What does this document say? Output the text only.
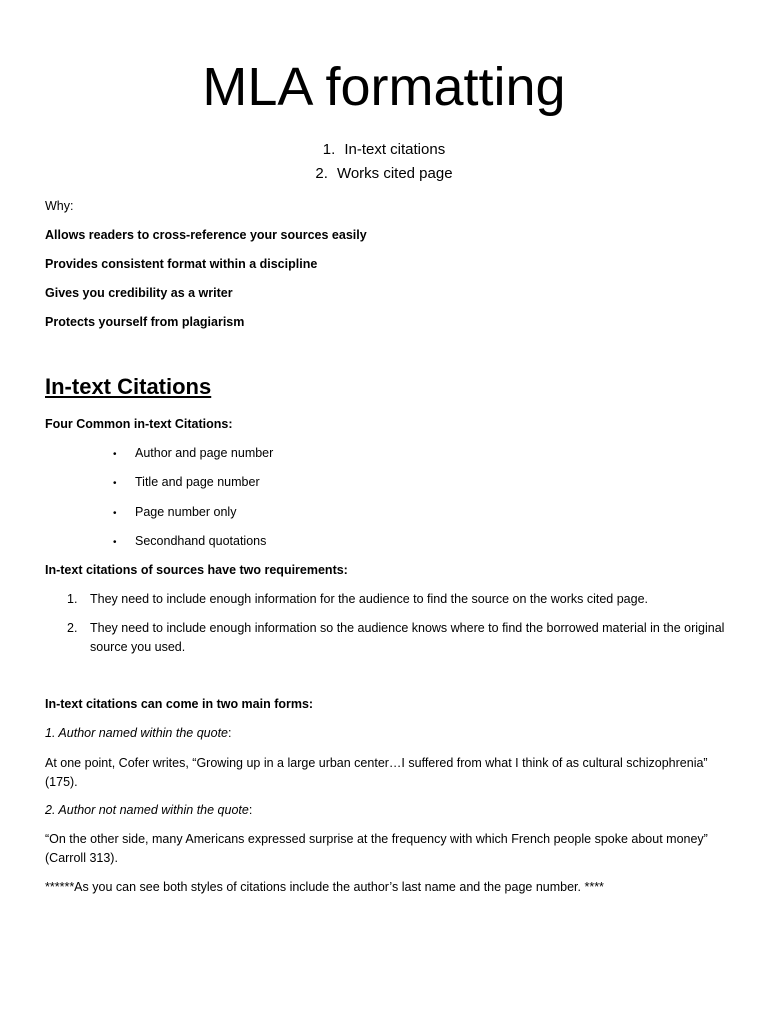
MLA formatting
1. In-text citations
2. Works cited page
Why:
Allows readers to cross-reference your sources easily
Provides consistent format within a discipline
Gives you credibility as a writer
Protects yourself from plagiarism
In-text Citations
Four Common in-text Citations:
• Author and page number
• Title and page number
• Page number only
• Secondhand quotations
In-text citations of sources have two requirements:
1. They need to include enough information for the audience to find the source on the works cited page.
2. They need to include enough information so the audience knows where to find the borrowed material in the original source you used.
In-text citations can come in two main forms:
1. Author named within the quote:
At one point, Cofer writes, “Growing up in a large urban center…I suffered from what I think of as cultural schizophrenia” (175).
2. Author not named within the quote:
“On the other side, many Americans expressed surprise at the frequency with which French people spoke about money” (Carroll 313).
******As you can see both styles of citations include the author’s last name and the page number. ****
